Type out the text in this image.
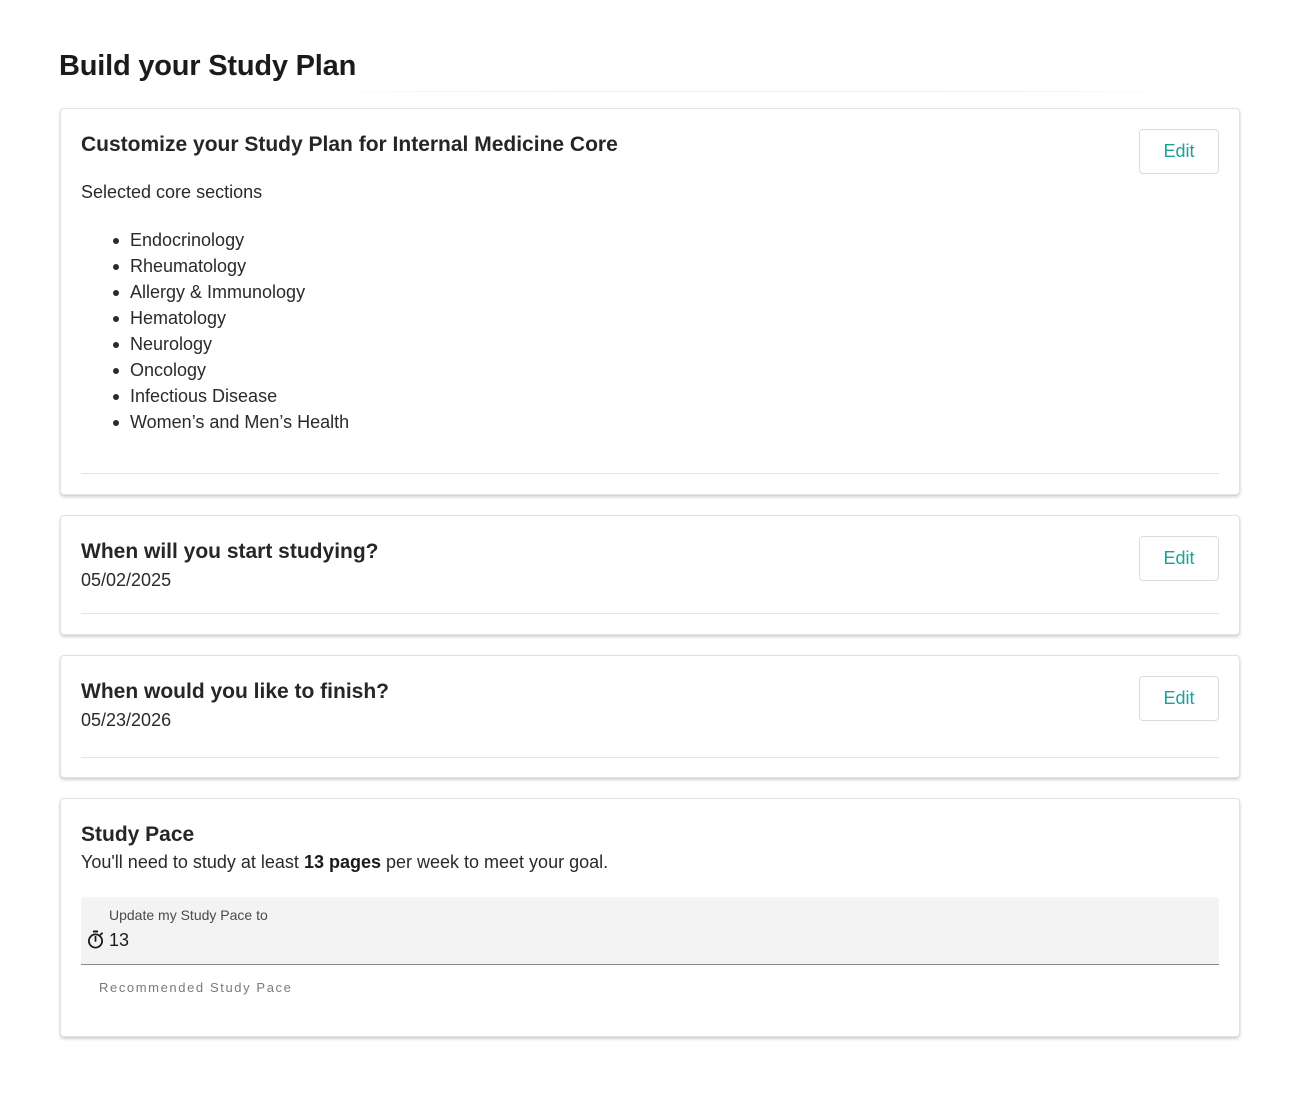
Build your Study Plan
Customize your Study Plan for Internal Medicine Core	Edit
Selected core sections
Endocrinology
Rheumatology
Allergy & Immunology
Hematology
Neurology
Oncology
Infectious Disease
Women’s and Men’s Health
When will you start studying?
05/02/2025
Edit
When would you like to finish?
05/23/2026
Edit
Study Pace
You'll need to study at least 13 pages per week to meet your goal.
Update my Study Pace to
13
Recommended Study Pace
